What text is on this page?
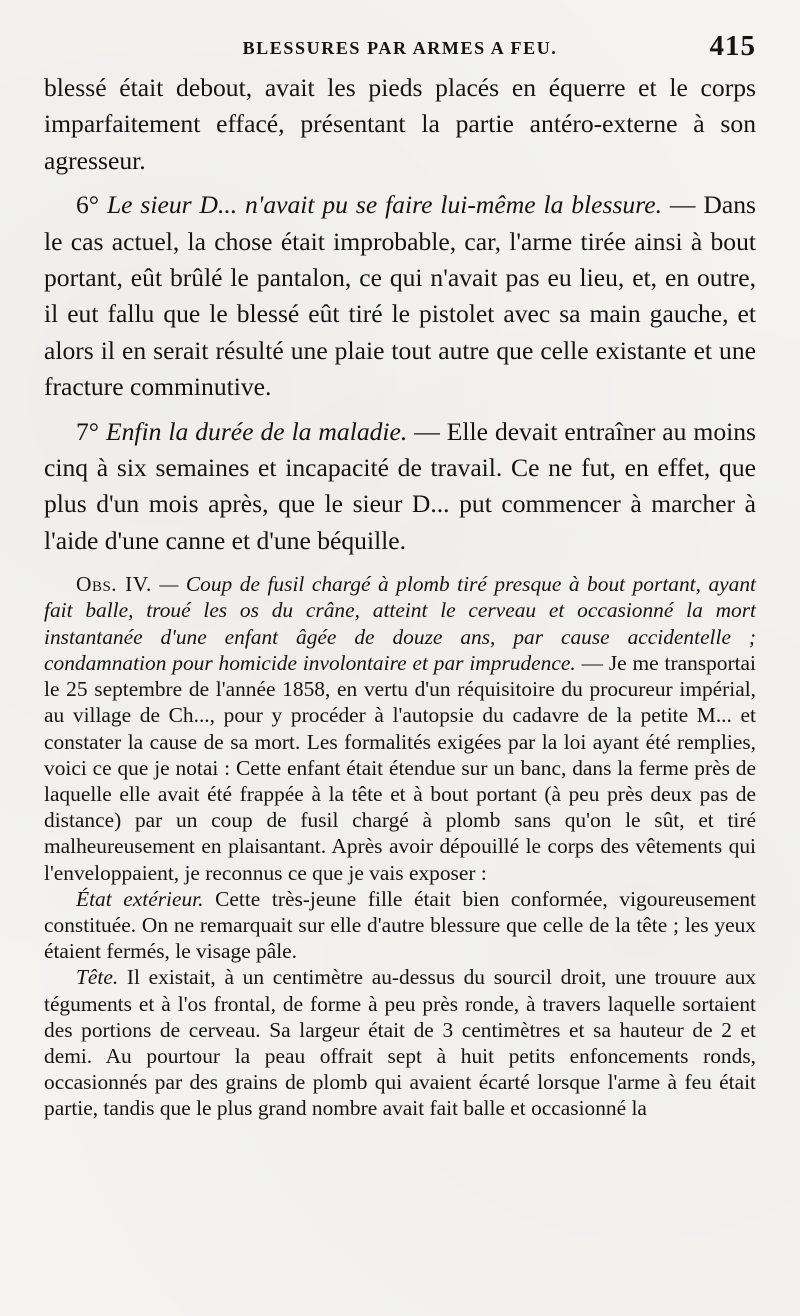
BLESSURES PAR ARMES A FEU.	415

blessé était debout, avait les pieds placés en équerre et le corps imparfaitement effacé, présentant la partie antéro-externe à son agresseur.

6° Le sieur D... n'avait pu se faire lui-même la blessure. — Dans le cas actuel, la chose était improbable, car, l'arme tirée ainsi à bout portant, eût brûlé le pantalon, ce qui n'avait pas eu lieu, et, en outre, il eut fallu que le blessé eût tiré le pistolet avec sa main gauche, et alors il en serait résulté une plaie tout autre que celle existante et une fracture comminutive.

7° Enfin la durée de la maladie. — Elle devait entraîner au moins cinq à six semaines et incapacité de travail. Ce ne fut, en effet, que plus d'un mois après, que le sieur D... put commencer à marcher à l'aide d'une canne et d'une béquille.

Obs. IV. — Coup de fusil chargé à plomb tiré presque à bout portant, ayant fait balle, troué les os du crâne, atteint le cerveau et occasionné la mort instantanée d'une enfant âgée de douze ans, par cause accidentelle ; condamnation pour homicide involontaire et par imprudence. — Je me transportai le 25 septembre de l'année 1858, en vertu d'un réquisitoire du procureur impérial, au village de Ch..., pour y procéder à l'autopsie du cadavre de la petite M... et constater la cause de sa mort. Les formalités exigées par la loi ayant été remplies, voici ce que je notai : Cette enfant était étendue sur un banc, dans la ferme près de laquelle elle avait été frappée à la tête et à bout portant (à peu près deux pas de distance) par un coup de fusil chargé à plomb sans qu'on le sût, et tiré malheureusement en plaisantant. Après avoir dépouillé le corps des vêtements qui l'enveloppaient, je reconnus ce que je vais exposer :

État extérieur. Cette très-jeune fille était bien conformée, vigoureusement constituée. On ne remarquait sur elle d'autre blessure que celle de la tête ; les yeux étaient fermés, le visage pâle.

Tête. Il existait, à un centimètre au-dessus du sourcil droit, une trouure aux téguments et à l'os frontal, de forme à peu près ronde, à travers laquelle sortaient des portions de cerveau. Sa largeur était de 3 centimètres et sa hauteur de 2 et demi. Au pourtour la peau offrait sept à huit petits enfoncements ronds, occasionnés par des grains de plomb qui avaient écarté lorsque l'arme à feu était partie, tandis que le plus grand nombre avait fait balle et occasionné la
